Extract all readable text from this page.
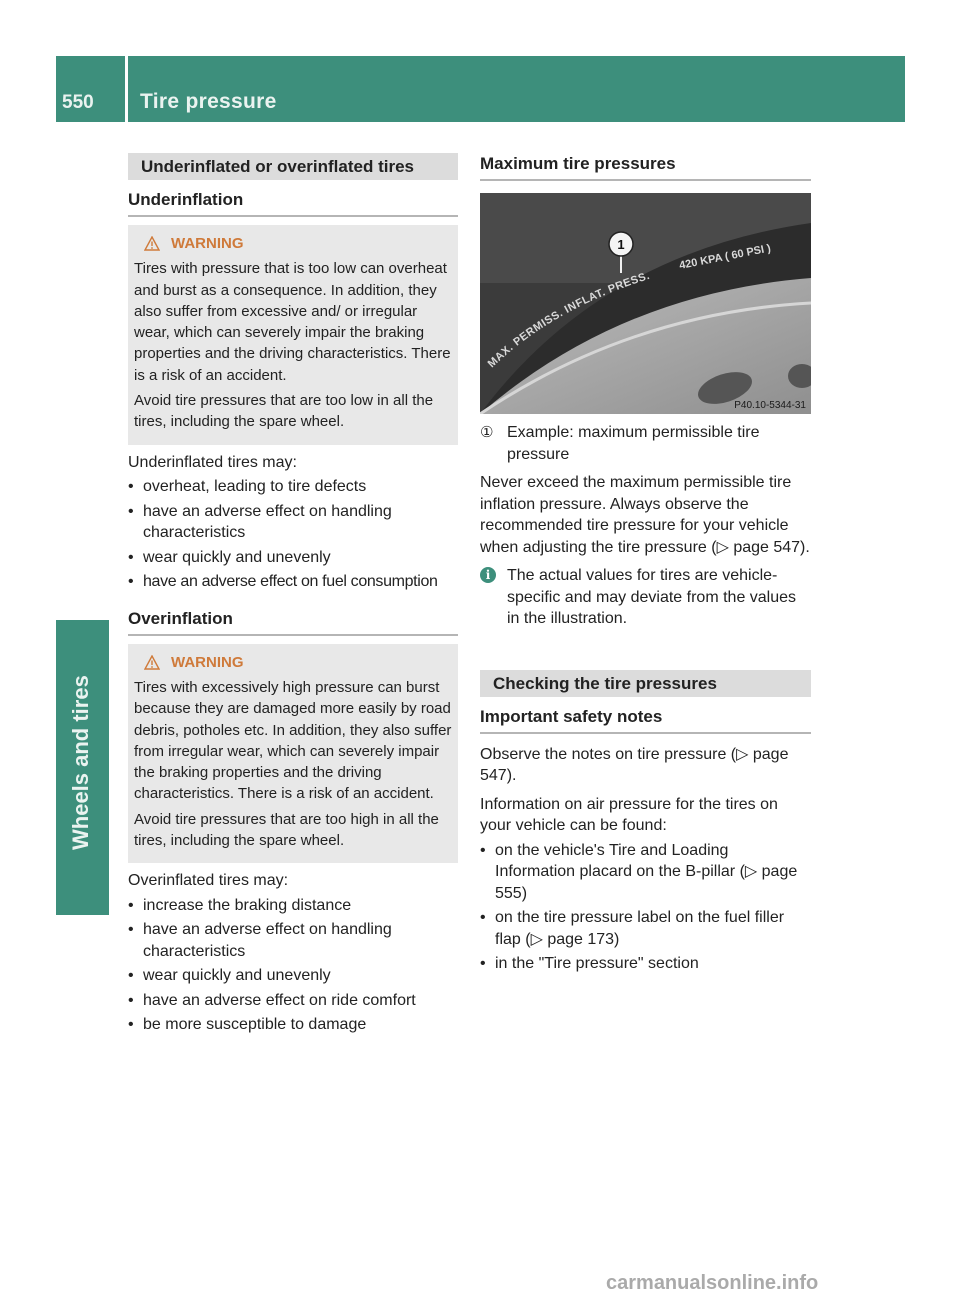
550 Tire pressure
Wheels and tires
Underinflated or overinflated tires
Underinflation
WARNING

Tires with pressure that is too low can overheat and burst as a consequence. In addition, they also suffer from excessive and/ or irregular wear, which can severely impair the braking properties and the driving characteristics. There is a risk of an accident.

Avoid tire pressures that are too low in all the tires, including the spare wheel.

Underinflated tires may:

• overheat, leading to tire defects
• have an adverse effect on handling characteristics
• wear quickly and unevenly
• have an adverse effect on fuel consumption
Overinflation
WARNING

Tires with excessively high pressure can burst because they are damaged more easily by road debris, potholes etc. In addition, they also suffer from irregular wear, which can severely impair the braking properties and the driving characteristics. There is a risk of an accident.

Avoid tire pressures that are too high in all the tires, including the spare wheel.

Overinflated tires may:

• increase the braking distance
• have an adverse effect on handling characteristics
• wear quickly and unevenly
• have an adverse effect on ride comfort
• be more susceptible to damage
Maximum tire pressures
MAX. PERMISS. INFLAT. PRESS.
420 KPA ( 60 PSI )
1
P40.10-5344-31
① Example: maximum permissible tire pressure

Never exceed the maximum permissible tire inflation pressure. Always observe the recommended tire pressure for your vehicle when adjusting the tire pressure (▷ page 547).

i	The actual values for tires are vehicle-specific and may deviate from the values in the illustration.
Checking the tire pressures
Important safety notes

Observe the notes on tire pressure (▷ page 547).

Information on air pressure for the tires on your vehicle can be found:

• on the vehicle's Tire and Loading Information placard on the B-pillar (▷ page 555)
• on the tire pressure label on the fuel filler flap (▷ page 173)
• in the "Tire pressure" section
carmanualsonline.info
